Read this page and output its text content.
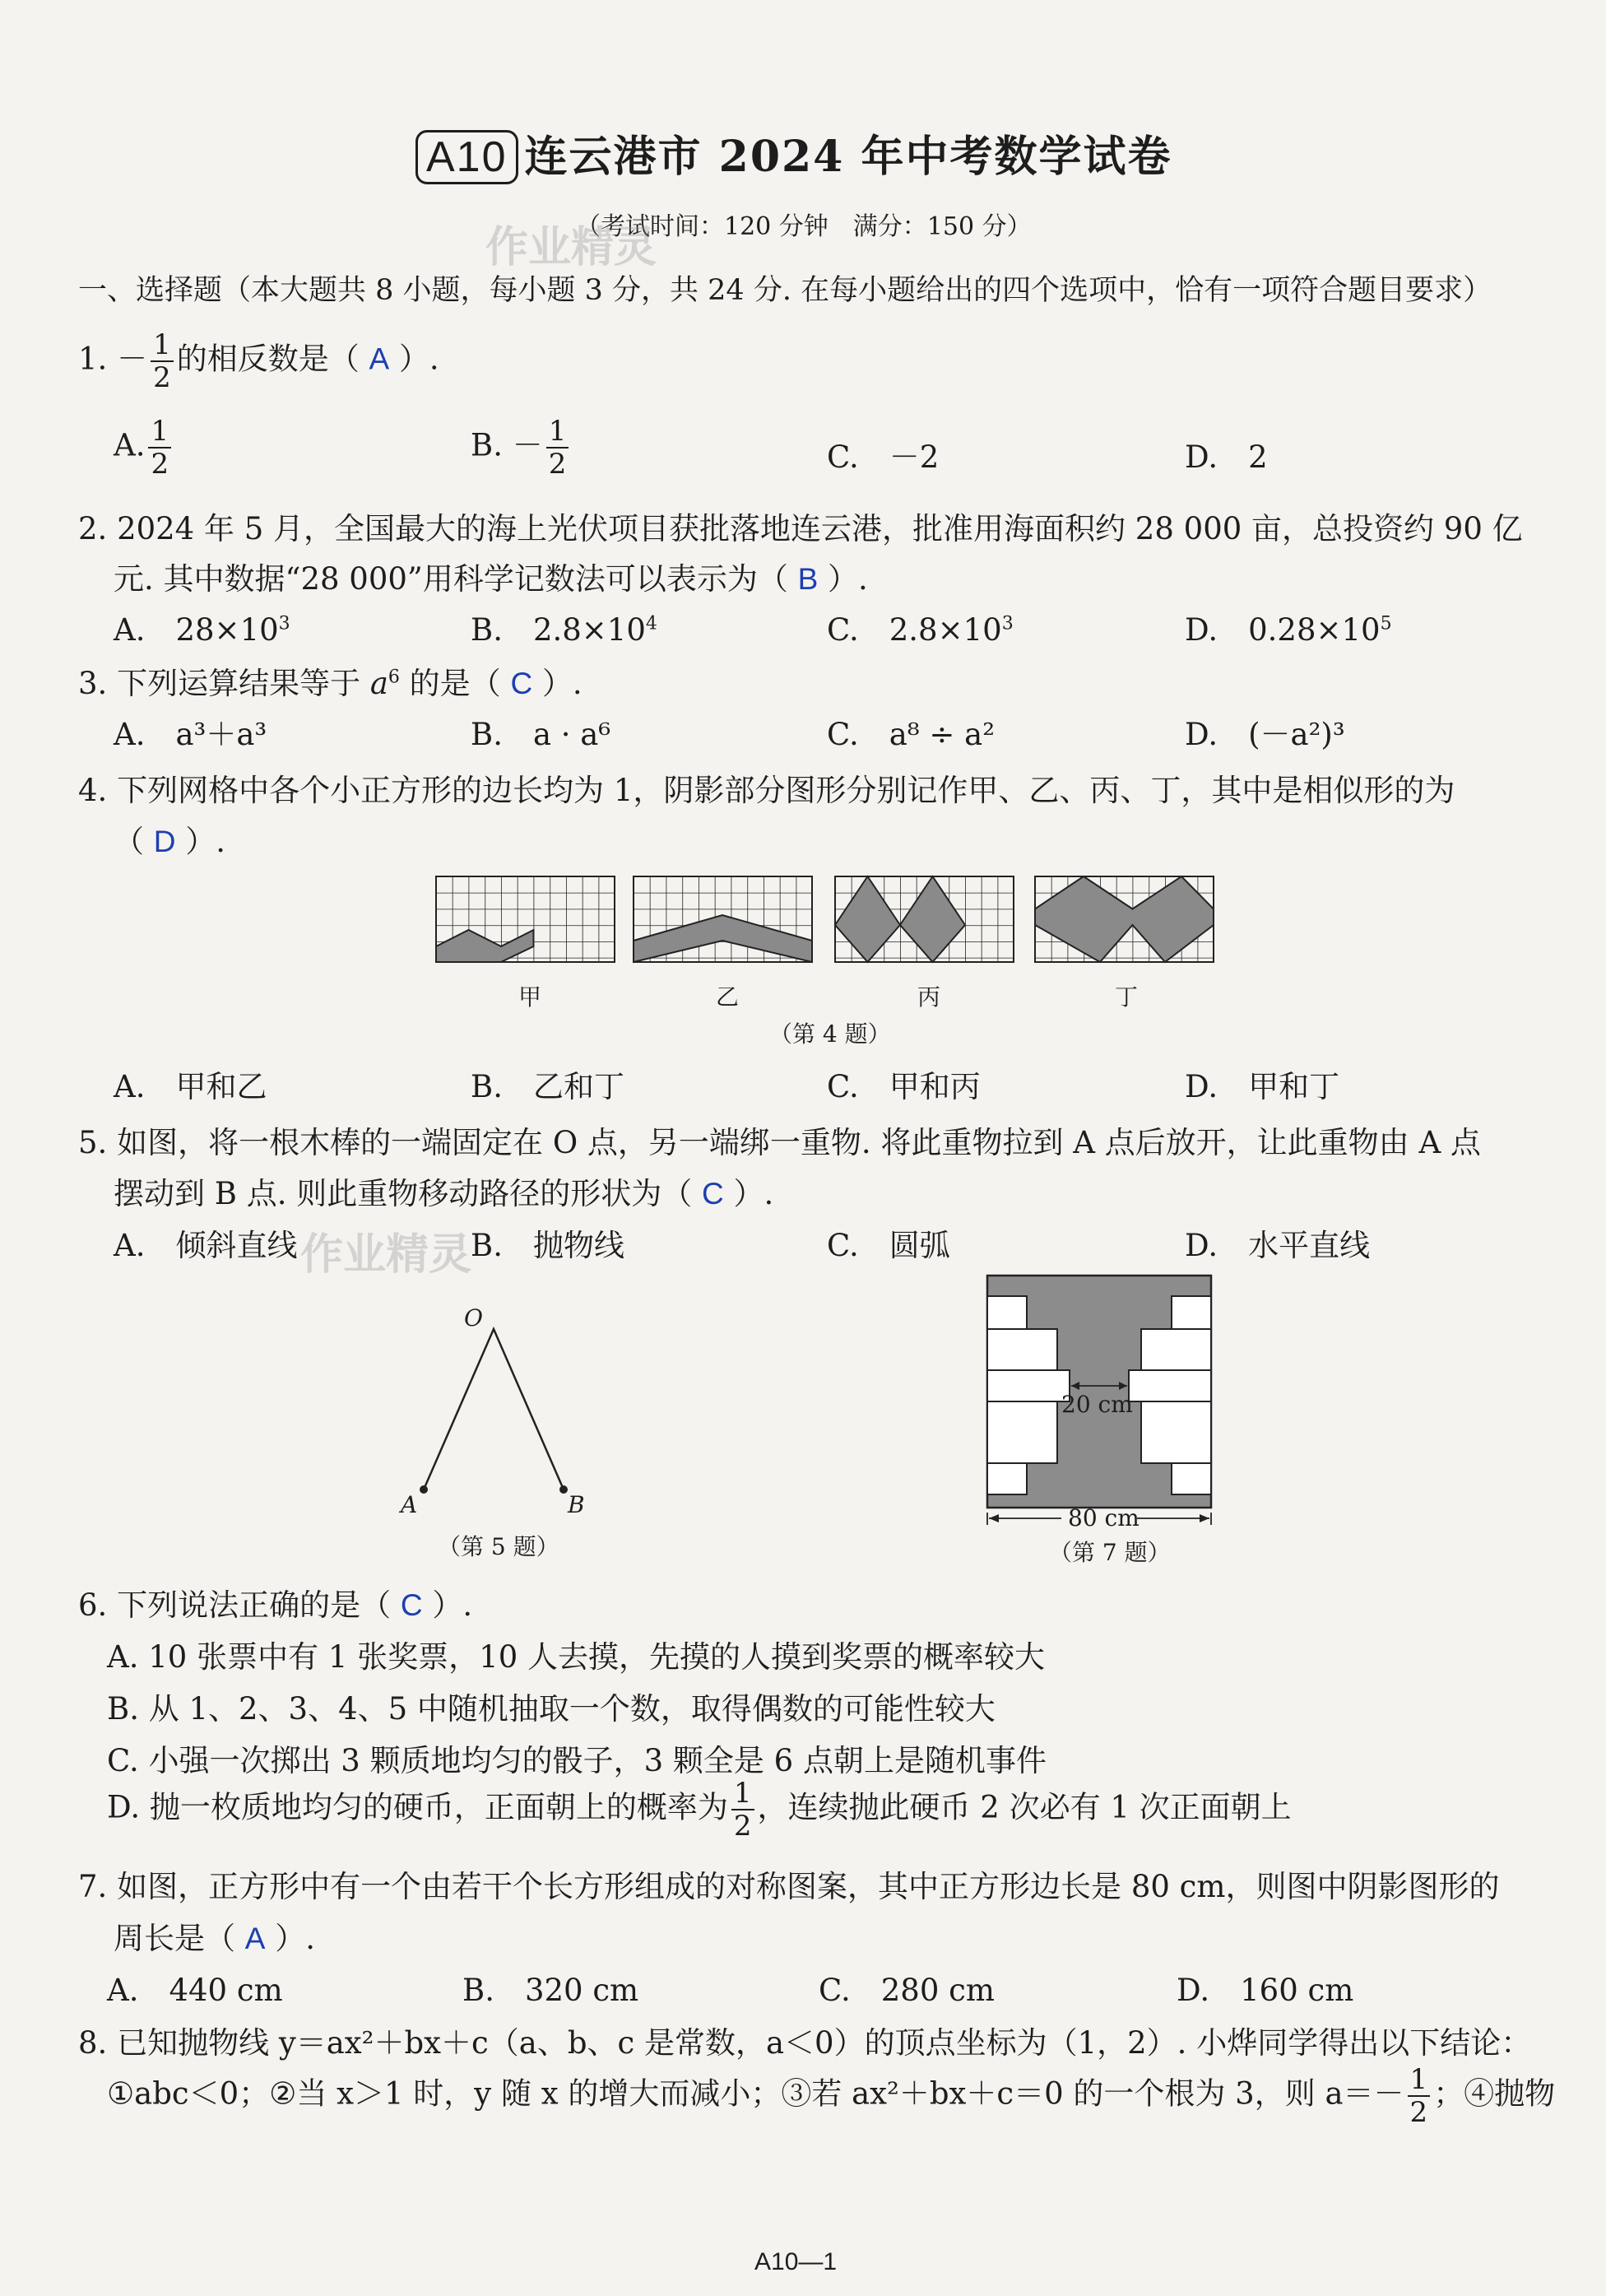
A10 连云港市 2024 年中考数学试卷
（考试时间：120 分钟　满分：150 分）
作业精灵
作业精灵
一、选择题（本大题共 8 小题，每小题 3 分，共 24 分. 在每小题给出的四个选项中，恰有一项符合题目要求）
1. － $\frac{1}{2}$ 的相反数是（ A ）.
A. $\frac{1}{2}$	B. － $\frac{1}{2}$	C.　－2	D.　2
2. 2024 年 5 月，全国最大的海上光伏项目获批落地连云港，批准用海面积约 28 000 亩，总投资约 90 亿
元. 其中数据“28 000”用科学记数法可以表示为（ B ）.
A.　$28\times 10^3$	B.　$2.8\times 10^4$	C.　$2.8\times 10^3$	D.　$0.28\times 10^5$
3. 下列运算结果等于 $a^6$ 的是（ C ）.
A.　a³＋a³	B.　a · a⁶	C.　a⁸ ÷ a²	D.　(－a²)³
4. 下列网格中各个小正方形的边长均为 1，阴影部分图形分别记作甲、乙、丙、丁，其中是相似形的为
（ D ）.
甲	乙	丙	丁
（第 4 题）
A.　甲和乙	B.　乙和丁	C.　甲和丙	D.　甲和丁
5. 如图，将一根木棒的一端固定在 O 点，另一端绑一重物. 将此重物拉到 A 点后放开，让此重物由 A 点
摆动到 B 点. 则此重物移动路径的形状为（ C ）.
A.　倾斜直线	B.　抛物线	C.　圆弧	D.　水平直线
O
A	B
（第 5 题）
20 cm
80 cm
（第 7 题）
6. 下列说法正确的是（ C ）.
A. 10 张票中有 1 张奖票，10 人去摸，先摸的人摸到奖票的概率较大
B. 从 1、2、3、4、5 中随机抽取一个数，取得偶数的可能性较大
C. 小强一次掷出 3 颗质地均匀的骰子，3 颗全是 6 点朝上是随机事件
D. 抛一枚质地均匀的硬币，正面朝上的概率为 $\frac{1}{2}$ ，连续抛此硬币 2 次必有 1 次正面朝上
7. 如图，正方形中有一个由若干个长方形组成的对称图案，其中正方形边长是 80 cm，则图中阴影图形的
周长是（ A ）.
A.　440 cm	B.　320 cm	C.　280 cm	D.　160 cm
8. 已知抛物线 y＝ax²＋bx＋c（a、b、c 是常数，a＜0）的顶点坐标为（1，2）. 小烨同学得出以下结论：
①abc＜0；②当 x＞1 时，y 随 x 的增大而减小；③若 ax²＋bx＋c＝0 的一个根为 3，则 $a=- \frac{1}{2}$ ；④抛物
A10—1
